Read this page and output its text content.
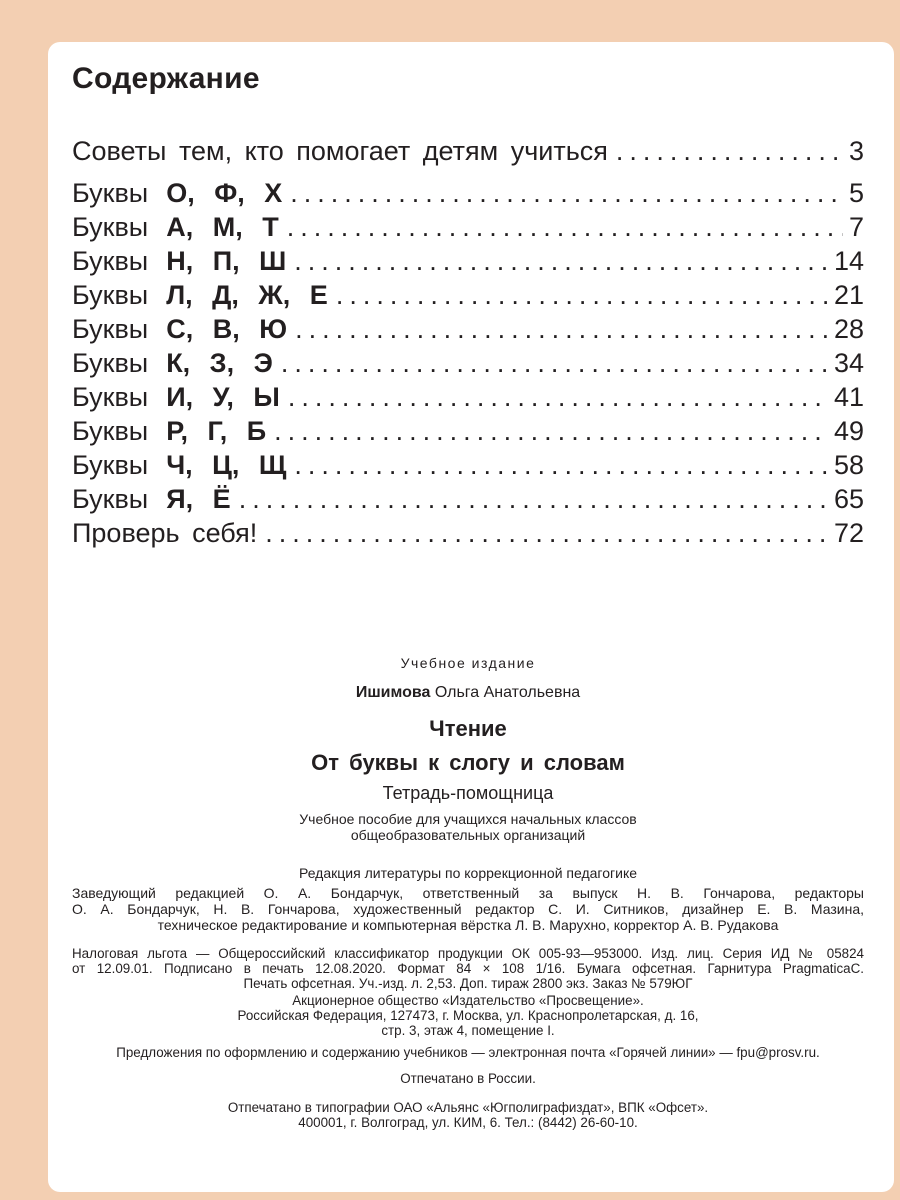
Содержание
Советы тем, кто помогает детям учиться .....	3
Буквы О, Ф, Х .....	5
Буквы А, М, Т .....	7
Буквы Н, П, Ш .....	14
Буквы Л, Д, Ж, Е .....	21
Буквы С, В, Ю .....	28
Буквы К, З, Э .....	34
Буквы И, У, Ы .....	41
Буквы Р, Г, Б .....	49
Буквы Ч, Ц, Щ .....	58
Буквы Я, Ё .....	65
Проверь себя! .....	72
Учебное издание
Ишимова Ольга Анатольевна
Чтение
От буквы к слогу и словам
Тетрадь-помощница
Учебное пособие для учащихся начальных классов
общеобразовательных организаций
Редакция литературы по коррекционной педагогике
Заведующий редакцией О. А. Бондарчук, ответственный за выпуск Н. В. Гончарова, редакторы
О. А. Бондарчук, Н. В. Гончарова, художественный редактор С. И. Ситников, дизайнер Е. В. Мазина,
техническое редактирование и компьютерная вёрстка Л. В. Марухно, корректор А. В. Рудакова
Налоговая льгота — Общероссийский классификатор продукции ОК 005-93—953000. Изд. лиц. Серия ИД № 05824
от 12.09.01. Подписано в печать 12.08.2020. Формат 84 × 108 1/16. Бумага офсетная. Гарнитура PragmaticaC.
Печать офсетная. Уч.-изд. л. 2,53. Доп. тираж 2800 экз. Заказ № 579ЮГ
Акционерное общество «Издательство «Просвещение».
Российская Федерация, 127473, г. Москва, ул. Краснопролетарская, д. 16,
стр. 3, этаж 4, помещение I.
Предложения по оформлению и содержанию учебников — электронная почта «Горячей линии» — fpu@prosv.ru.
Отпечатано в России.
Отпечатано в типографии ОАО «Альянс «Югполиграфиздат», ВПК «Офсет».
400001, г. Волгоград, ул. КИМ, 6. Тел.: (8442) 26-60-10.
